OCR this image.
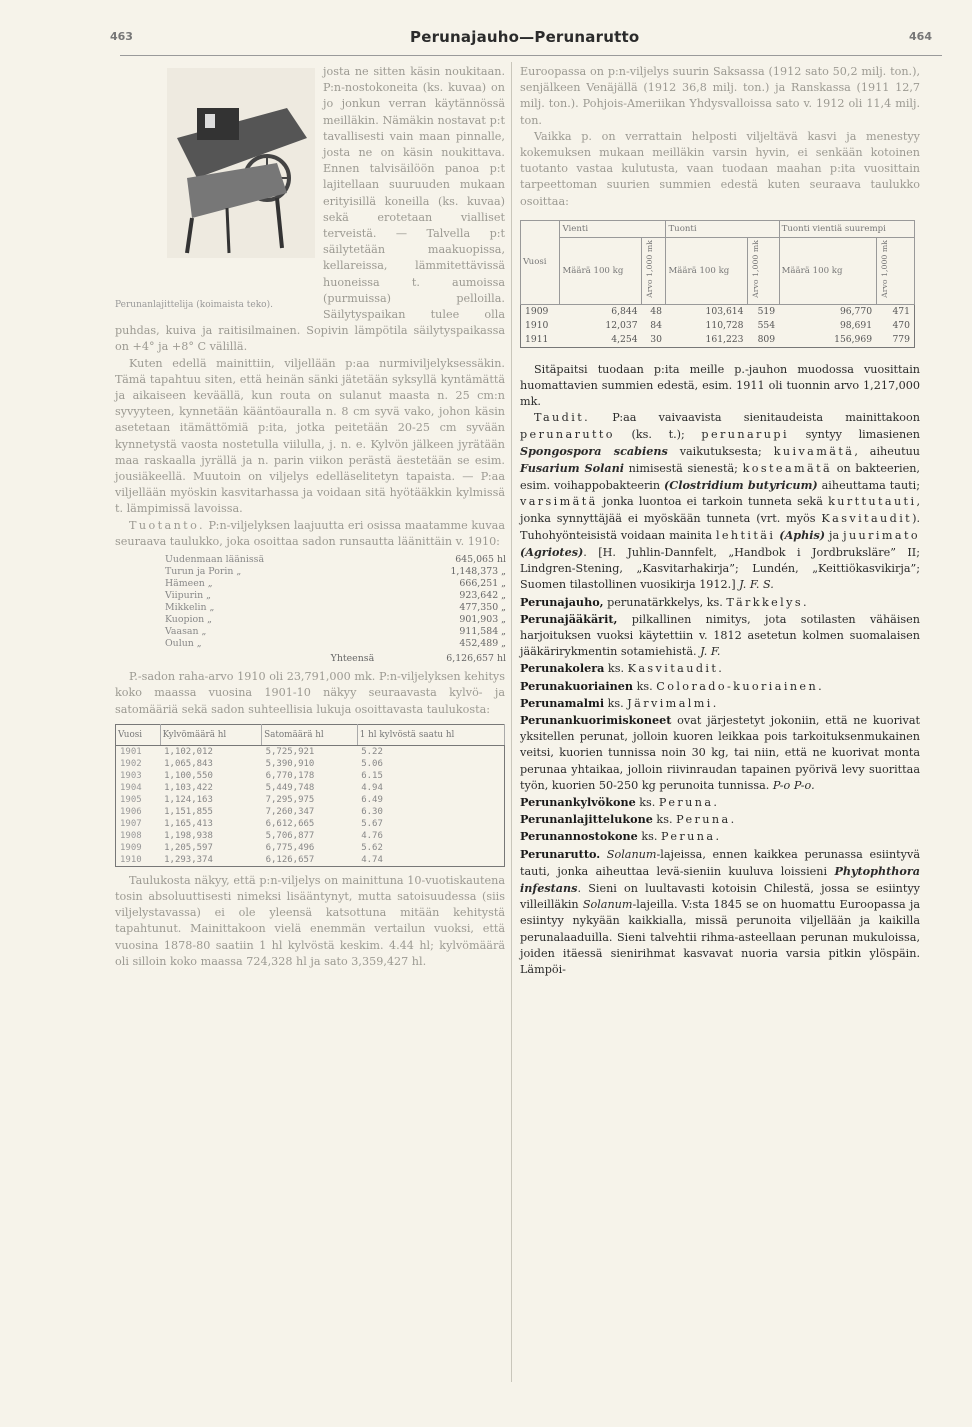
463	Perunajauho—Perunarutto	464
Perunanlajittelija (koimaista teko).

josta ne sitten käsin noukitaan. P:n-nostokoneita (ks. kuvaa) on jo jonkun verran käytännössä meilläkin. Nämäkin nostavat p:t tavallisesti vain maan pinnalle, josta ne on käsin noukittava. Ennen talvisäilöön panoa p:t lajitellaan suuruuden mukaan erityisillä koneilla (ks. kuvaa) sekä erotetaan vialliset terveistä. — Talvella p:t säilytetään maakuopissa, kellareissa, lämmitettävissä huoneissa t. aumoissa (purmuissa) pelloilla. Säilytyspaikan tulee olla puhdas, kuiva ja raitisilmainen. Sopivin lämpötila säilytyspaikassa on +4° ja +8° C välillä.

Kuten edellä mainittiin, viljellään p:aa nurmiviljelyksessäkin. Tämä tapahtuu siten, että heinän sänki jätetään syksyllä kyntämättä ja aikaiseen keväällä, kun routa on sulanut maasta n. 25 cm:n syvyyteen, kynnetään kääntöauralla n. 8 cm syvä vako, johon käsin asetetaan itämättömiä p:ita, jotka peitetään 20-25 cm syvään kynnetystä vaosta nostetulla viilulla, j. n. e. Kylvön jälkeen jyrätään maa raskaalla jyrällä ja n. parin viikon perästä äestetään se esim. jousiäkeellä. Muutoin on viljelys edelläselitetyn tapaista. — P:aa viljellään myöskin kasvitarhassa ja voidaan sitä hyötääkkin kylmissä t. lämpimissä lavoissa.

Tuotanto. P:n-viljelyksen laajuutta eri osissa maatamme kuvaa seuraava taulukko, joka osoittaa sadon runsautta läänittäin v. 1910:

Uudenmaan läänissä	645,065 hl
Turun ja Porin „	1,148,373 „
Hämeen „	666,251 „
Viipurin „	923,642 „
Mikkelin „	477,350 „
Kuopion „	901,903 „
Vaasan „	911,584 „
Oulun „	452,489 „
Yhteensä	6,126,657 hl

P.-sadon raha-arvo 1910 oli 23,791,000 mk. P:n-viljelyksen kehitys koko maassa vuosina 1901-10 näkyy seuraavasta kylvö- ja satomääriä sekä sadon suhteellisia lukuja osoittavasta taulukosta:

Vuosi	Kylvömäärä hl	Satomäärä hl	1 hl kylvöstä saatu hl
1901	1,102,012	5,725,921	5.22
1902	1,065,843	5,390,910	5.06
1903	1,100,550	6,770,178	6.15
1904	1,103,422	5,449,748	4.94
1905	1,124,163	7,295,975	6.49
1906	1,151,855	7,260,347	6.30
1907	1,165,413	6,612,665	5.67
1908	1,198,938	5,706,877	4.76
1909	1,205,597	6,775,496	5.62
1910	1,293,374	6,126,657	4.74

Taulukosta näkyy, että p:n-viljelys on mainittuna 10-vuotiskautena tosin absoluuttisesti nimeksi lisääntynyt, mutta satoisuudessa (siis viljelystavassa) ei ole yleensä katsottuna mitään kehitystä tapahtunut. Mainittakoon vielä enemmän vertailun vuoksi, että vuosina 1878-80 saatiin 1 hl kylvöstä keskim. 4.44 hl; kylvömäärä oli silloin koko maassa 724,328 hl ja sato 3,359,427 hl.

Euroopassa on p:n-viljelys suurin Saksassa (1912 sato 50,2 milj. ton.), senjälkeen Venäjällä (1912 36,8 milj. ton.) ja Ranskassa (1911 12,7 milj. ton.). Pohjois-Ameriikan Yhdysvalloissa sato v. 1912 oli 11,4 milj. ton.

Vaikka p. on verrattain helposti viljeltävä kasvi ja menestyy kokemuksen mukaan meilläkin varsin hyvin, ei senkään kotoinen tuotanto vastaa kulutusta, vaan tuodaan maahan p:ita vuosittain tarpeettoman suurien summien edestä kuten seuraava taulukko osoittaa:

Vuosi	Vienti		Tuonti		Tuonti vientiä suurempi	
	Määrä 100 kg	Arvo 1,000 mk	Määrä 100 kg	Arvo 1,000 mk	Määrä 100 kg	Arvo 1,000 mk
1909	6,844	48	103,614	519	96,770	471
1910	12,037	84	110,728	554	98,691	470
1911	4,254	30	161,223	809	156,969	779

Sitäpaitsi tuodaan p:ita meille p.-jauhon muodossa vuosittain huomattavien summien edestä, esim. 1911 oli tuonnin arvo 1,217,000 mk.

Taudit. P:aa vaivaavista sienitaudeista mainittakoon perunarutto (ks. t.); perunarupi syntyy limasienen Spongospora scabiens vaikutuksesta; kuivamätä, aiheutuu Fusarium Solani nimisestä sienestä; kosteamätä on bakteerien, esim. voihappobakteerin (Clostridium butyricum) aiheuttama tauti; varsimätä jonka luontoa ei tarkoin tunneta sekä kurttutauti, jonka synnyttäjää ei myöskään tunneta (vrt. myös Kasvitaudit). Tuhohyönteisistä voidaan mainita lehtitäi (Aphis) ja juurimato (Agriotes). [H. Juhlin-Dannfelt, „Handbok i Jordbruksläre” II; Lindgren-Stening, „Kasvitarhakirja”; Lundén, „Keittiökasvikirja”; Suomen tilastollinen vuosikirja 1912.] J. F. S.

Perunajauho, perunatärkkelys, ks. Tärkkelys.

Perunajääkärit, pilkallinen nimitys, jota sotilasten vähäisen harjoituksen vuoksi käytettiin v. 1812 asetetun kolmen suomalaisen jääkärirykmentin sotamiehistä. J. F.

Perunakolera ks. Kasvitaudit.

Perunakuoriainen ks. Colorado-kuoriainen.

Perunamalmi ks. Järvimalmi.

Perunankuorimiskoneet ovat järjestetyt jokoniin, että ne kuorivat yksitellen perunat, jolloin kuoren leikkaa pois tarkoituksenmukainen veitsi, kuorien tunnissa noin 30 kg, tai niin, että ne kuorivat monta perunaa yhtaikaa, jolloin riivinraudan tapainen pyörivä levy suorittaa työn, kuorien 50-250 kg perunoita tunnissa. P-o P-o.

Perunankylvökone ks. Peruna.

Perunanlajittelukone ks. Peruna.

Perunannostokone ks. Peruna.

Perunarutto. Solanum-lajeissa, ennen kaikkea perunassa esiintyvä tauti, jonka aiheuttaa levä-sieniin kuuluva loissieni Phytophthora infestans. Sieni on luultavasti kotoisin Chilestä, jossa se esiintyy villeilläkin Solanum-lajeilla. V:sta 1845 se on huomattu Euroopassa ja esiintyy nykyään kaikkialla, missä perunoita viljellään ja kaikilla perunalaaduilla. Sieni talvehtii rihma-asteellaan perunan mukuloissa, joiden itäessä sienirihmat kasvavat nuoria varsia pitkin ylöspäin. Lämpöi-
